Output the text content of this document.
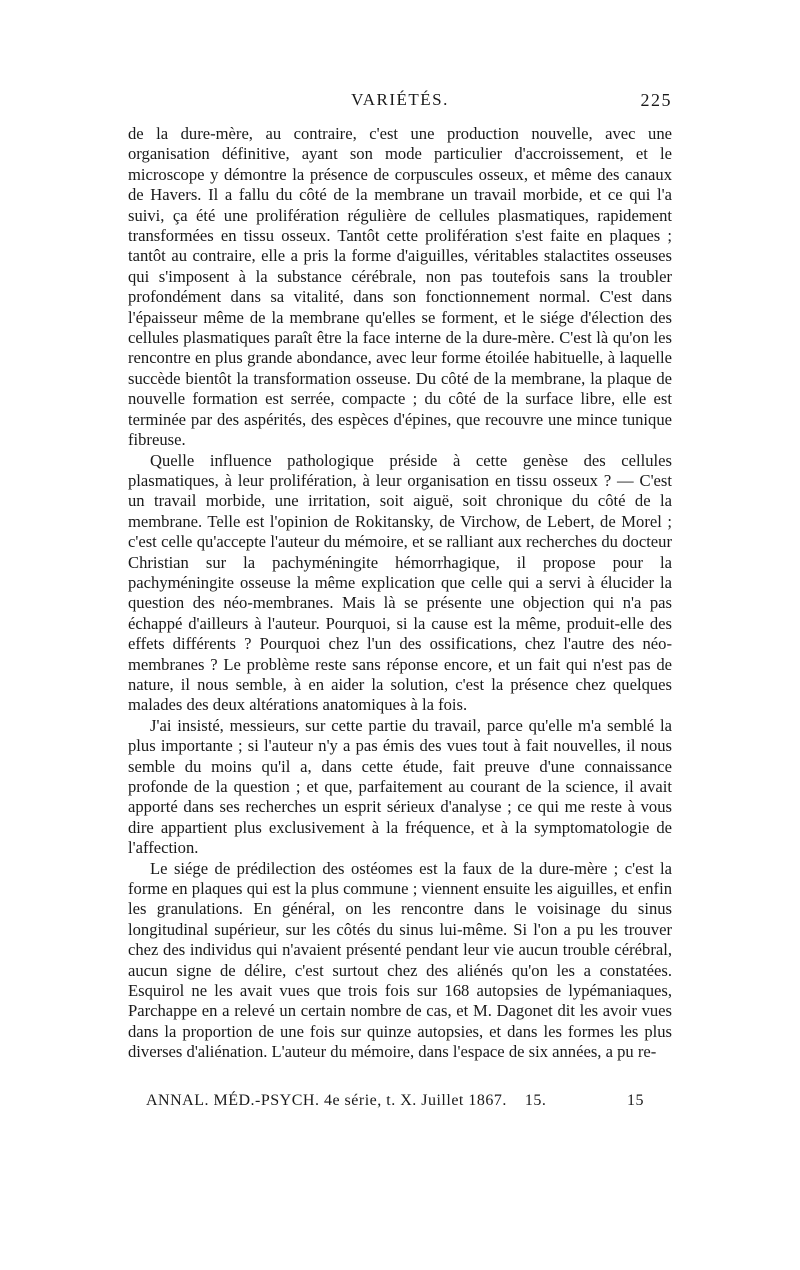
VARIÉTÉS.	225

de la dure-mère, au contraire, c'est une production nouvelle, avec une organisation définitive, ayant son mode particulier d'accroissement, et le microscope y démontre la présence de corpuscules osseux, et même des canaux de Havers. Il a fallu du côté de la membrane un travail morbide, et ce qui l'a suivi, ça été une prolifération régulière de cellules plasmatiques, rapidement transformées en tissu osseux. Tantôt cette prolifération s'est faite en plaques ; tantôt au contraire, elle a pris la forme d'aiguilles, véritables stalactites osseuses qui s'imposent à la substance cérébrale, non pas toutefois sans la troubler profondément dans sa vitalité, dans son fonctionnement normal. C'est dans l'épaisseur même de la membrane qu'elles se forment, et le siége d'élection des cellules plasmatiques paraît être la face interne de la dure-mère. C'est là qu'on les rencontre en plus grande abondance, avec leur forme étoilée habituelle, à laquelle succède bientôt la transformation osseuse. Du côté de la membrane, la plaque de nouvelle formation est serrée, compacte ; du côté de la surface libre, elle est terminée par des aspérités, des espèces d'épines, que recouvre une mince tunique fibreuse.

Quelle influence pathologique préside à cette genèse des cellules plasmatiques, à leur prolifération, à leur organisation en tissu osseux ? — C'est un travail morbide, une irritation, soit aiguë, soit chronique du côté de la membrane. Telle est l'opinion de Rokitansky, de Virchow, de Lebert, de Morel ; c'est celle qu'accepte l'auteur du mémoire, et se ralliant aux recherches du docteur Christian sur la pachyméningite hémorrhagique, il propose pour la pachyméningite osseuse la même explication que celle qui a servi à élucider la question des néo-membranes. Mais là se présente une objection qui n'a pas échappé d'ailleurs à l'auteur. Pourquoi, si la cause est la même, produit-elle des effets différents ? Pourquoi chez l'un des ossifications, chez l'autre des néo-membranes ? Le problème reste sans réponse encore, et un fait qui n'est pas de nature, il nous semble, à en aider la solution, c'est la présence chez quelques malades des deux altérations anatomiques à la fois.

J'ai insisté, messieurs, sur cette partie du travail, parce qu'elle m'a semblé la plus importante ; si l'auteur n'y a pas émis des vues tout à fait nouvelles, il nous semble du moins qu'il a, dans cette étude, fait preuve d'une connaissance profonde de la question ; et que, parfaitement au courant de la science, il avait apporté dans ses recherches un esprit sérieux d'analyse ; ce qui me reste à vous dire appartient plus exclusivement à la fréquence, et à la symptomatologie de l'affection.

Le siége de prédilection des ostéomes est la faux de la dure-mère ; c'est la forme en plaques qui est la plus commune ; viennent ensuite les aiguilles, et enfin les granulations. En général, on les rencontre dans le voisinage du sinus longitudinal supérieur, sur les côtés du sinus lui-même. Si l'on a pu les trouver chez des individus qui n'avaient présenté pendant leur vie aucun trouble cérébral, aucun signe de délire, c'est surtout chez des aliénés qu'on les a constatées. Esquirol ne les avait vues que trois fois sur 168 autopsies de lypémaniaques, Parchappe en a relevé un certain nombre de cas, et M. Dagonet dit les avoir vues dans la proportion de une fois sur quinze autopsies, et dans les formes les plus diverses d'aliénation. L'auteur du mémoire, dans l'espace de six années, a pu re-

ANNAL. MÉD.-PSYCH. 4e série, t. X. Juillet 1867. 15.	15
